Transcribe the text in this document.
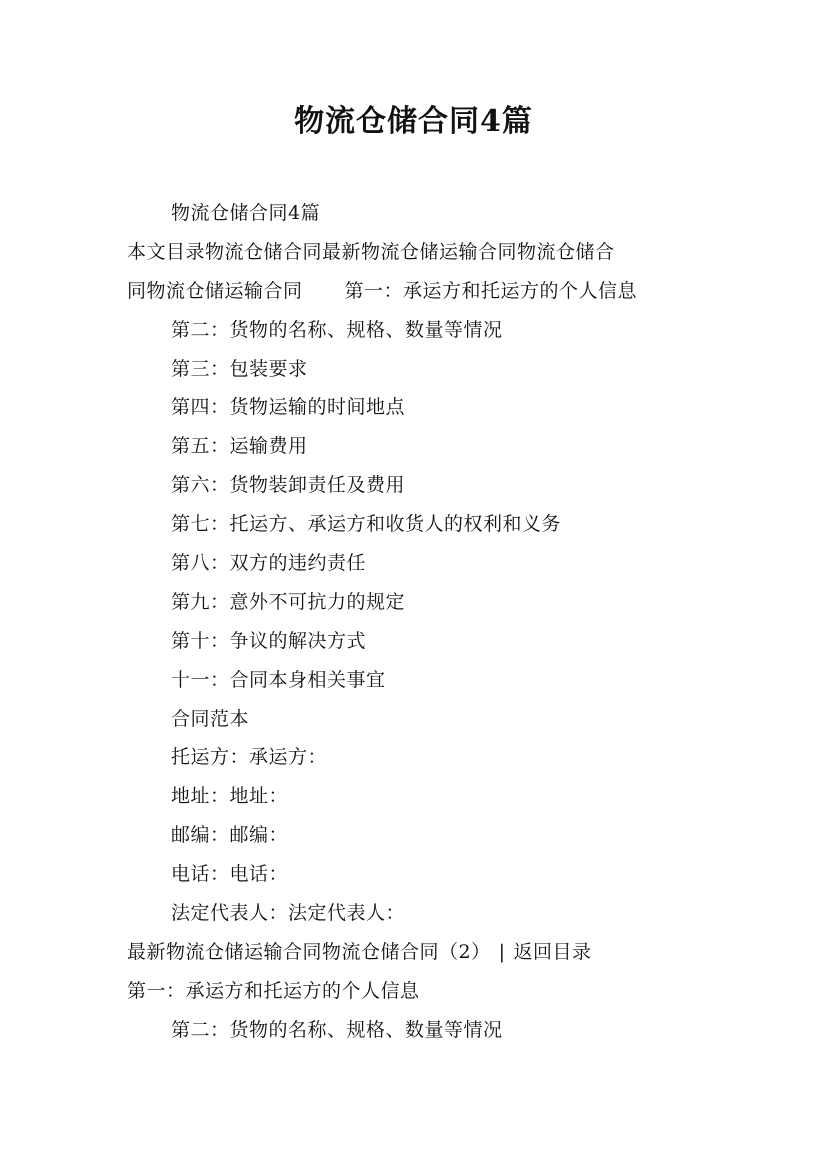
物流仓储合同4篇
物流仓储合同4篇
本文目录物流仓储合同最新物流仓储运输合同物流仓储合
同物流仓储运输合同 第一：承运方和托运方的个人信息
第二：货物的名称、规格、数量等情况
第三：包装要求
第四：货物运输的时间地点
第五：运输费用
第六：货物装卸责任及费用
第七：托运方、承运方和收货人的权利和义务
第八：双方的违约责任
第九：意外不可抗力的规定
第十：争议的解决方式
十一：合同本身相关事宜
合同范本
托运方：承运方：
地址：地址：
邮编：邮编：
电话：电话：
法定代表人：法定代表人：
最新物流仓储运输合同物流仓储合同（2） | 返回目录
第一：承运方和托运方的个人信息
第二：货物的名称、规格、数量等情况
